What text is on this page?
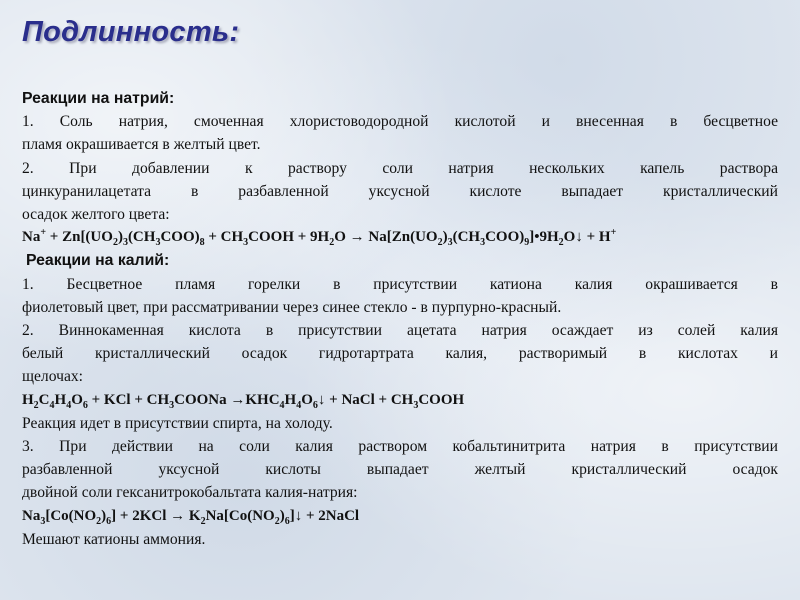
Подлинность:
Реакции на натрий:
1. Соль натрия, смоченная хлористоводородной кислотой и внесенная в бесцветное
пламя окрашивается в желтый цвет.
2. При добавлении к раствору соли натрия нескольких капель раствора
цинкуранилацетата в разбавленной уксусной кислоте выпадает кристаллический
осадок желтого цвета:
$Na^+ + Zn[(UO_2)_3(CH_3COO)_8$ + $CH_3COOH + 9H_2O$ → $Na[Zn(UO_2)_3(CH_3COO)_9]•9H_2O↓ + H^+$
Реакции на калий:
1. Бесцветное пламя горелки в присутствии катиона калия окрашивается в
фиолетовый цвет, при рассматривании через синее стекло - в пурпурно-красный.
2. Виннокаменная кислота в присутствии ацетата натрия осаждает из солей калия
белый кристаллический осадок гидротартрата калия, растворимый в кислотах и
щелочах:
$H_2C_4H_4O_6$ + KCl + $CH_3COONa$ $\to KHC_4H_4O_6↓$ + NaCl + $CH_3COOH$
Реакция идет в присутствии спирта, на холоду.
3. При действии на соли калия раствором кобальтинитрита натрия в присутствии
разбавленной уксусной кислоты выпадает желтый кристаллический осадок
двойной соли гексанитрокобальтата калия-натрия:
$Na_3[Co(NO_2)_6] + 2KCl$ → $K_2Na[Co(NO_2)_6]↓$ + 2NaCl
Мешают катионы аммония.
